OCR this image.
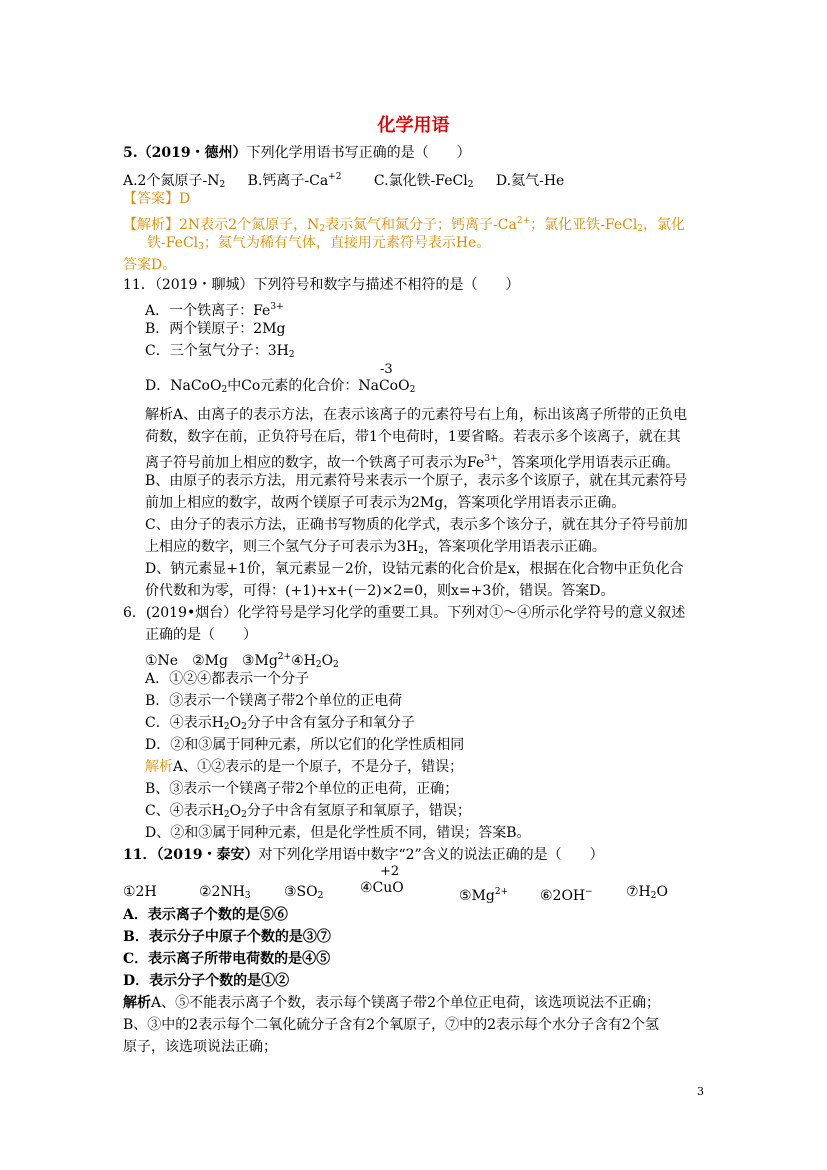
化学用语
5.（2019・德州）下列化学用语书写正确的是（　　）
A.2个氮原子$-N_2$ B.钙离子$-Ca^{+2}$ C.氯化铁-FeCl$_2$ D.氦气-He
【答案】D
【解析】2N表示2个氮原子，$N_2$表示氮气和氮分子；钙离子$-Ca^{2+}$；氯化亚铁-FeCl$_2$，氯化
铁-FeCl$_3$；氦气为稀有气体，直接用元素符号表示He。
答案D。
11．（2019・聊城）下列符号和数字与描述不相符的是（　　）
A．一个铁离子：$Fe^{3+}$
B．两个镁原子：2Mg
C．三个氢气分子：$3H_2$
D．NaCoO$_2$中Co元素的化合价：Na
-3
CoO$_2$
解析A、由离子的表示方法，在表示该离子的元素符号右上角，标出该离子所带的正负电
荷数，数字在前，正负符号在后，带1个电荷时，1要省略。若表示多个该离子，就在其
离子符号前加上相应的数字，故一个铁离子可表示为$Fe^{3+}$，答案项化学用语表示正确。
B、由原子的表示方法，用元素符号来表示一个原子，表示多个该原子，就在其元素符号
前加上相应的数字，故两个镁原子可表示为2Mg，答案项化学用语表示正确。
C、由分子的表示方法，正确书写物质的化学式，表示多个该分子，就在其分子符号前加
上相应的数字，则三个氢气分子可表示为$3H_2$，答案项化学用语表示正确。
D、钠元素显+1价，氧元素显－2价，设钴元素的化合价是x，根据在化合物中正负化合
价代数和为零，可得：(+1)+x+(－2)×2=0，则x=+3价，错误。答案D。
6．(2019•烟台）化学符号是学习化学的重要工具。下列对①～④所示化学符号的意义叙述
正确的是（　　）
①Ne　②Mg　$③Mg^{2+}④H_2O_2$
A．①②④都表示一个分子
B．③表示一个镁离子带2个单位的正电荷
C．④表示$H_2O_2$分子中含有氢分子和氧分子
D．②和③属于同种元素，所以它们的化学性质相同
解析A、①②表示的是一个原子，不是分子，错误；
B、③表示一个镁离子带2个单位的正电荷，正确；
C、④表示$H_2O_2$分子中含有氢原子和氧原子，错误；
D、②和③属于同种元素，但是化学性质不同，错误；答案B。
11．（2019・泰安）对下列化学用语中数字“2”含义的说法正确的是（　　）
①2H	$②2NH_3$ $③SO_2$
+2
④CuO	$⑤Mg^{2+}$ ⑥2OH− $⑦H_2O$
A．表示离子个数的是⑤⑥
B．表示分子中原子个数的是③⑦
C．表示离子所带电荷数的是④⑤
D．表示分子个数的是①②
解析A、⑤不能表示离子个数，表示每个镁离子带2个单位正电荷，该选项说法不正确；
B、③中的2表示每个二氧化硫分子含有2个氧原子，⑦中的2表示每个水分子含有2个氢
原子，该选项说法正确；
3
